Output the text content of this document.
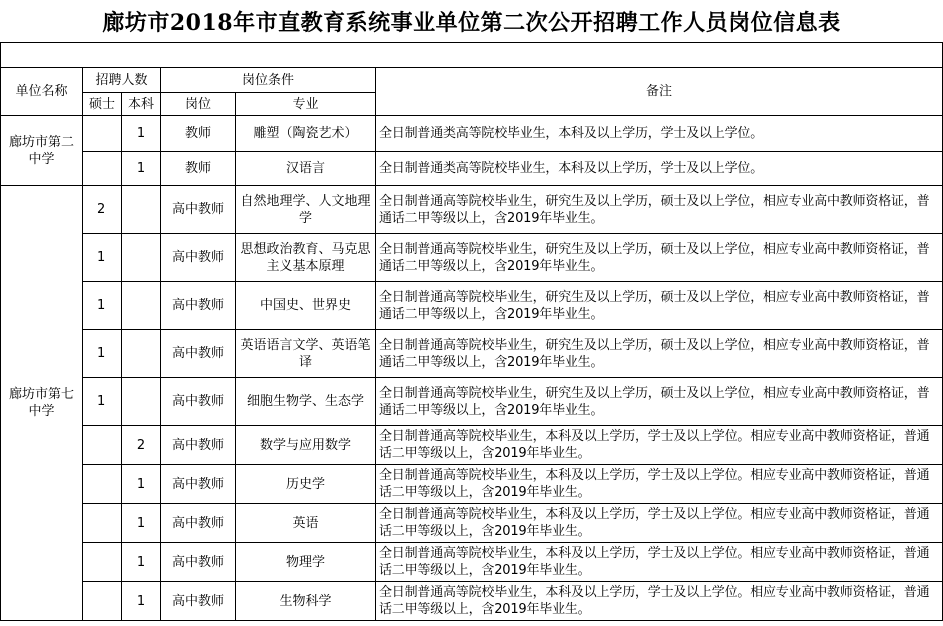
廊坊市2018年市直教育系统事业单位第二次公开招聘工作人员岗位信息表

单位名称	招聘人数		岗位条件		备注
	硕士	本科	岗位	专业	
廊坊市第二中学		1	教师	雕塑（陶瓷艺术）	全日制普通类高等院校毕业生，本科及以上学历，学士及以上学位。
		1	教师	汉语言	全日制普通类高等院校毕业生，本科及以上学历，学士及以上学位。
廊坊市第七中学	2		高中教师	自然地理学、人文地理学	全日制普通高等院校毕业生，研究生及以上学历，硕士及以上学位，相应专业高中教师资格证，普通话二甲等级以上，含2019年毕业生。
	1		高中教师	思想政治教育、马克思主义基本原理	全日制普通高等院校毕业生，研究生及以上学历，硕士及以上学位，相应专业高中教师资格证，普通话二甲等级以上，含2019年毕业生。
	1		高中教师	中国史、世界史	全日制普通高等院校毕业生，研究生及以上学历，硕士及以上学位，相应专业高中教师资格证，普通话二甲等级以上，含2019年毕业生。
	1		高中教师	英语语言文学、英语笔译	全日制普通高等院校毕业生，研究生及以上学历，硕士及以上学位，相应专业高中教师资格证，普通话二甲等级以上，含2019年毕业生。
	1		高中教师	细胞生物学、生态学	全日制普通高等院校毕业生，研究生及以上学历，硕士及以上学位，相应专业高中教师资格证，普通话二甲等级以上，含2019年毕业生。
		2	高中教师	数学与应用数学	全日制普通高等院校毕业生，本科及以上学历，学士及以上学位。相应专业高中教师资格证，普通话二甲等级以上，含2019年毕业生。
		1	高中教师	历史学	全日制普通高等院校毕业生，本科及以上学历，学士及以上学位。相应专业高中教师资格证，普通话二甲等级以上，含2019年毕业生。
		1	高中教师	英语	全日制普通高等院校毕业生，本科及以上学历，学士及以上学位。相应专业高中教师资格证，普通话二甲等级以上，含2019年毕业生。
		1	高中教师	物理学	全日制普通高等院校毕业生，本科及以上学历，学士及以上学位。相应专业高中教师资格证，普通话二甲等级以上，含2019年毕业生。
		1	高中教师	生物科学	全日制普通高等院校毕业生，本科及以上学历，学士及以上学位。相应专业高中教师资格证，普通话二甲等级以上，含2019年毕业生。
